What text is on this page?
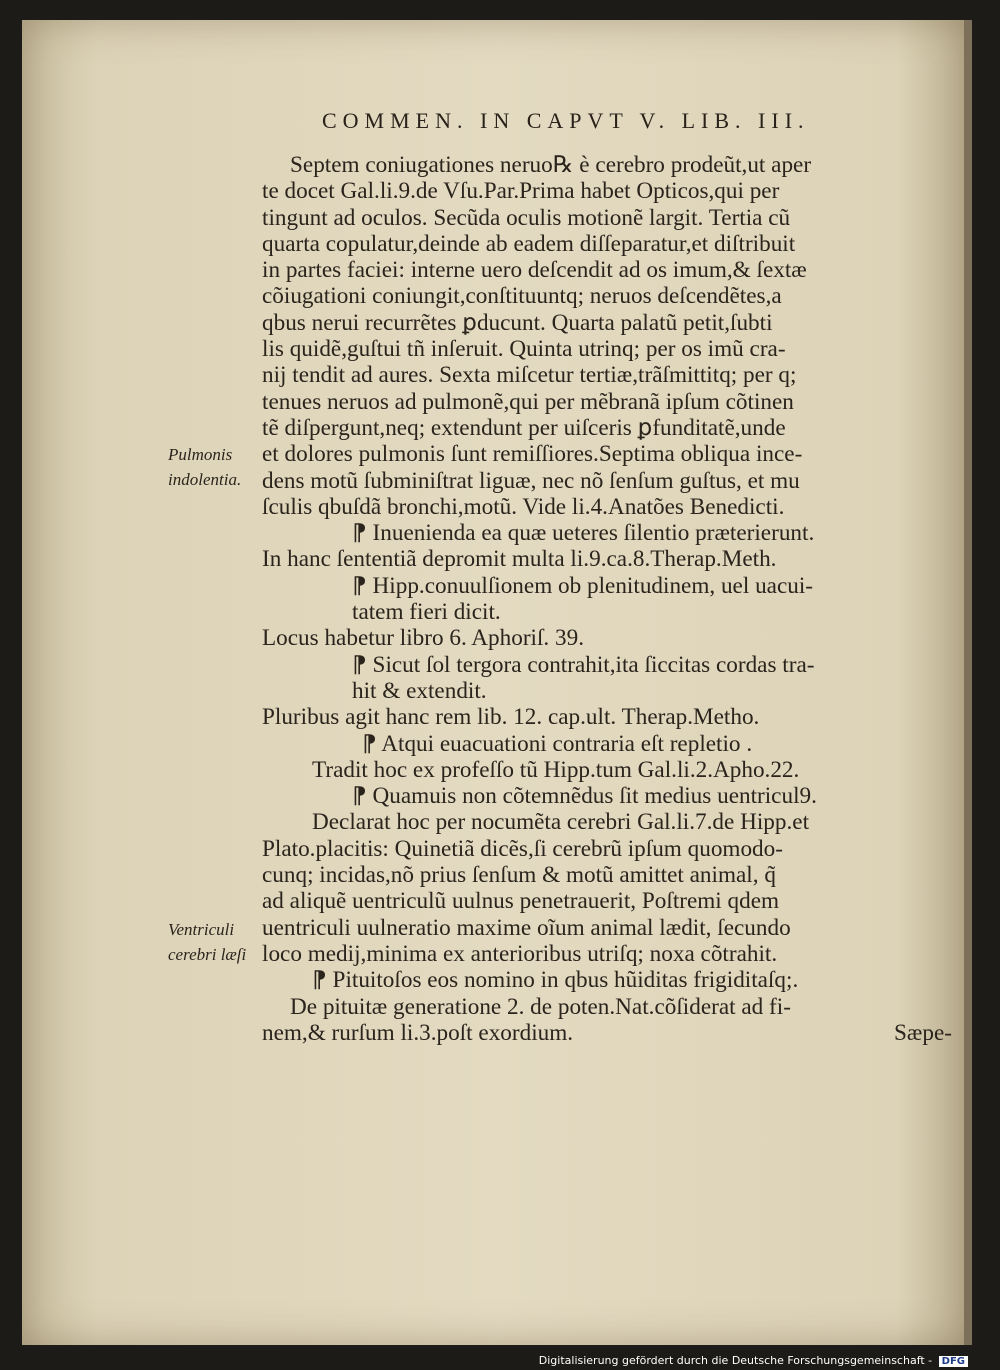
COMMEN. IN CAPVT V. LIB. III.
Pulmonis
indolentia.
Ventriculi
cerebri læſi
Septem coniugationes neruo℞ è cerebro prodeũt,ut aper
te docet Gal.li.9.de Vſu.Par.Prima habet Opticos,qui per
tingunt ad oculos. Secũda oculis motionẽ largit. Tertia cũ
quarta copulatur,deinde ab eadem diſſeparatur,et diſtribuit
in partes faciei: interne uero deſcendit ad os imum,& ſextæ
cõiugationi coniungit,conſtituuntq; neruos deſcendẽtes,a
qbus nerui recurrẽtes ꝑducunt. Quarta palatũ petit,ſubti
lis quidẽ,guſtui tñ inſeruit. Quinta utrinq; per os imũ cra-
nij tendit ad aures. Sexta miſcetur tertiæ,trãſmittitq; per q;
tenues neruos ad pulmonẽ,qui per mẽbranã ipſum cõtinen
tẽ diſpergunt,neq; extendunt per uiſceris ꝑfunditatẽ,unde
et dolores pulmonis ſunt remiſſiores.Septima obliqua ince-
dens motũ ſubminiſtrat liguæ, nec nõ ſenſum guſtus, et mu
ſculis qbuſdã bronchi,motũ. Vide li.4.Anatões Benedicti.
⁋ Inuenienda ea quæ ueteres ſilentio præterierunt.
In hanc ſententiã depromit multa li.9.ca.8.Therap.Meth.
⁋ Hipp.conuulſionem ob plenitudinem, uel uacui-
tatem fieri dicit.
Locus habetur libro 6. Aphoriſ. 39.
⁋ Sicut ſol tergora contrahit,ita ſiccitas cordas tra-
hit & extendit.
Pluribus agit hanc rem lib. 12. cap.ult. Therap.Metho.
⁋ Atqui euacuationi contraria eſt repletio .
Tradit hoc ex profeſſo tũ Hipp.tum Gal.li.2.Apho.22.
⁋ Quamuis non cõtemnẽdus ſit medius uentricul9.
Declarat hoc per nocumẽta cerebri Gal.li.7.de Hipp.et
Plato.placitis: Quinetiã dicẽs,ſi cerebrũ ipſum quomodo-
cunq; incidas,nõ prius ſenſum & motũ amittet animal, q̃
ad aliquẽ uentriculũ uulnus penetrauerit, Poſtremi qdem
uentriculi uulneratio maxime oĩum animal lædit, ſecundo
loco medij,minima ex anterioribus utriſq; noxa cõtrahit.
⁋ Pituitoſos eos nomino in qbus hũiditas frigiditaſq;.
De pituitæ generatione 2. de poten.Nat.cõſiderat ad fi-
nem,& rurſum li.3.poſt exordium.	Sæpe-
Digitalisierung gefördert durch die Deutsche Forschungsgemeinschaft - DFG
